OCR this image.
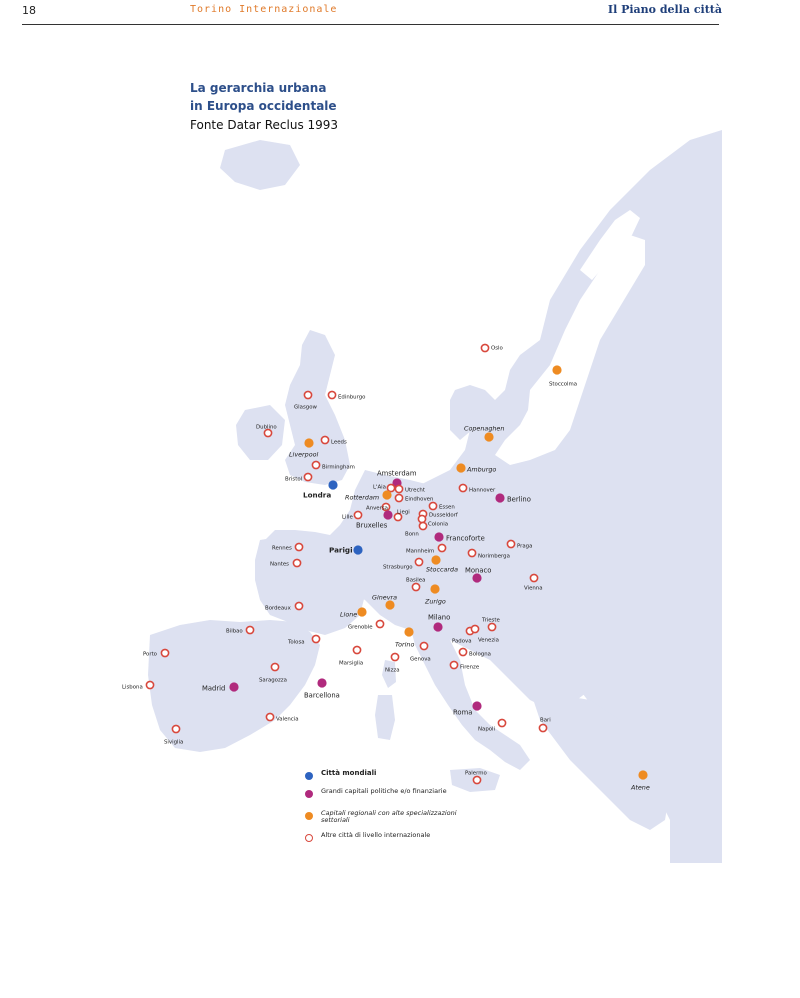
18	Torino Internazionale	Il Piano della città
La gerarchia urbana
in Europa occidentale
Fonte Datar Reclus 1993
Oslo
Stoccolma
Edinburgo
Glasgow
Dublino
Leeds
Liverpool
Copenaghen
Birmingham
Bristol
Amburgo
Amsterdam
L'Aia	Utrecht
Rotterdam	Eindhoven
Hannover
Berlino
Londra
Anversa	Essen
Liegi	Dusseldorf
Lille
Bruxelles	Colonia
Bonn	Francoforte
Rennes	Parigi	Mannheim
Praga
Norimberga
Nantes	Strasburgo Stoccarda Monaco
Basilea
Vienna
Zurigo
Ginevra
Bordeaux
Lione
Grenoble
Milano	Trieste
Padova Venezia
Bilbao
Torino
Tolosa
Genova
Bologna
Porto
Marsiglia
Nizza	Firenze
Saragozza
Lisbona	Madrid
Barcellona
Roma
Valencia
Napoli
Bari
Siviglia
Palermo
Atene
Città mondiali
Grandi capitali politiche e/o finanziarie
Capitali regionali con alte specializzazioni settoriali
Altre città di livello internazionale
